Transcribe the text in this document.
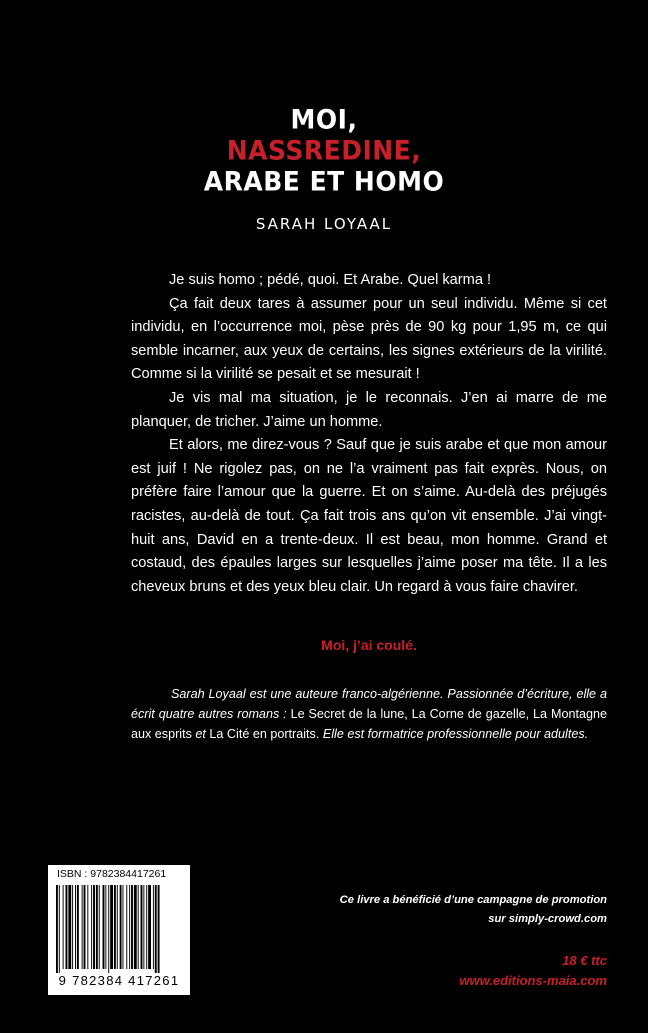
MOI,
NASSREDINE,
ARABE ET HOMO
SARAH LOYAAL

Je suis homo ; pédé, quoi. Et Arabe. Quel karma !

Ça fait deux tares à assumer pour un seul individu. Même si cet individu, en l’occurrence moi, pèse près de 90 kg pour 1,95 m, ce qui semble incarner, aux yeux de certains, les signes extérieurs de la virilité. Comme si la virilité se pesait et se mesurait !

Je vis mal ma situation, je le reconnais. J’en ai marre de me planquer, de tricher. J’aime un homme.

Et alors, me direz-vous ? Sauf que je suis arabe et que mon amour est juif ! Ne rigolez pas, on ne l’a vraiment pas fait exprès. Nous, on préfère faire l’amour que la guerre. Et on s’aime. Au-delà des préjugés racistes, au-delà de tout. Ça fait trois ans qu’on vit ensemble. J’ai vingt-huit ans, David en a trente-deux. Il est beau, mon homme. Grand et costaud, des épaules larges sur lesquelles j’aime poser ma tête. Il a les cheveux bruns et des yeux bleu clair. Un regard à vous faire chavirer.

Moi, j’ai coulé.
Sarah Loyaal est une auteure franco-algérienne. Passionnée d’écriture, elle a écrit quatre autres romans : Le Secret de la lune, La Corne de gazelle, La Montagne aux esprits et La Cité en portraits. Elle est formatrice professionnelle pour adultes.
ISBN : 9782384417261
9 782384 417261
Ce livre a bénéficié d’une campagne de promotion
sur simply-crowd.com
18 € ttc
www.editions-maia.com
